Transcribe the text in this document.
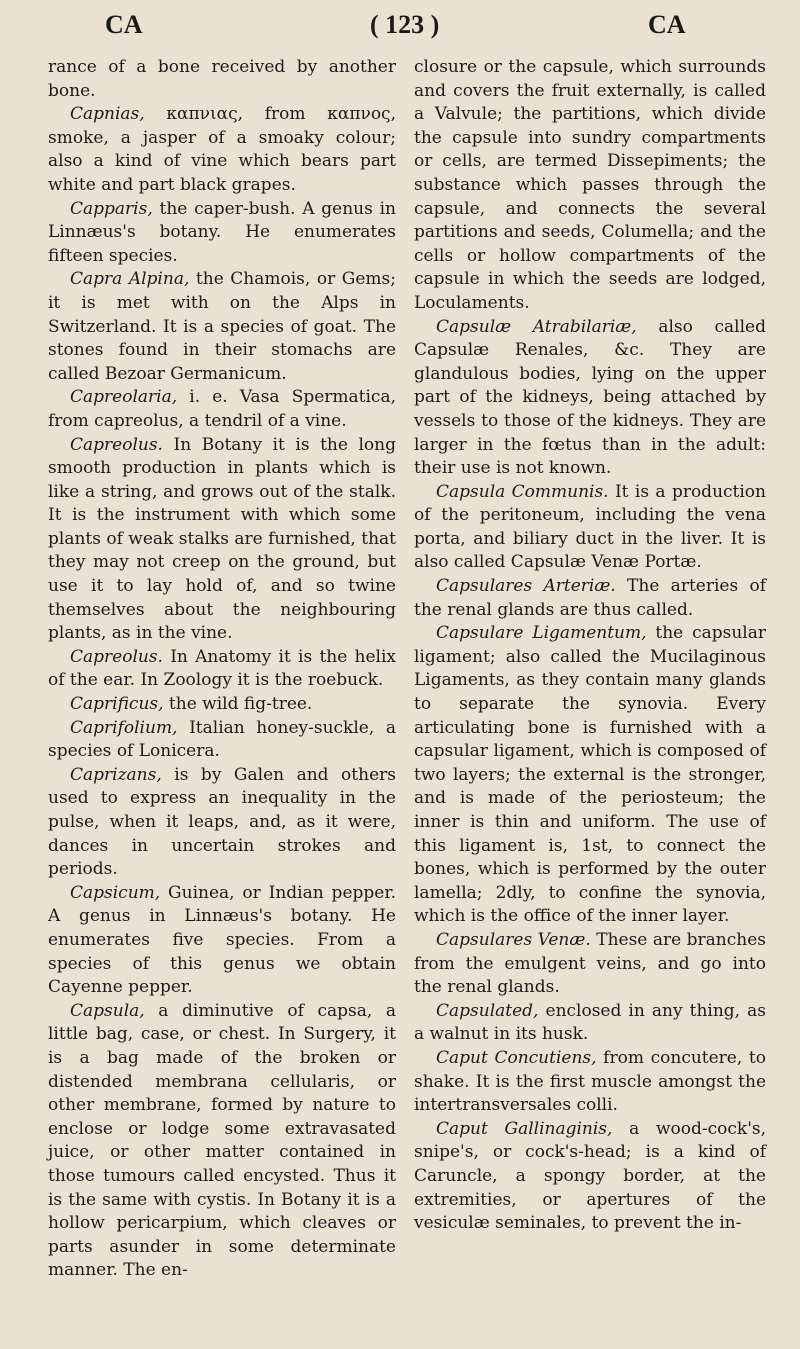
CA	( 123 )	CA

rance of a bone received by another bone.

Capnias, καπνιας, from καπνος, smoke, a jasper of a smoaky colour; also a kind of vine which bears part white and part black grapes.

Capparis, the caper-bush. A genus in Linnæus's botany. He enumerates fifteen species.

Capra Alpina, the Chamois, or Gems; it is met with on the Alps in Switzerland. It is a species of goat. The stones found in their stomachs are called Bezoar Germanicum.

Capreolaria, i. e. Vasa Spermatica, from capreolus, a tendril of a vine.

Capreolus. In Botany it is the long smooth production in plants which is like a string, and grows out of the stalk. It is the instrument with which some plants of weak stalks are furnished, that they may not creep on the ground, but use it to lay hold of, and so twine themselves about the neighbouring plants, as in the vine.

Capreolus. In Anatomy it is the helix of the ear. In Zoology it is the roebuck.

Caprificus, the wild fig-tree.

Caprifolium, Italian honey-suckle, a species of Lonicera.

Caprizans, is by Galen and others used to express an inequality in the pulse, when it leaps, and, as it were, dances in uncertain strokes and periods.

Capsicum, Guinea, or Indian pepper. A genus in Linnæus's botany. He enumerates five species. From a species of this genus we obtain Cayenne pepper.

Capsula, a diminutive of capsa, a little bag, case, or chest. In Surgery, it is a bag made of the broken or distended membrana cellularis, or other membrane, formed by nature to enclose or lodge some extravasated juice, or other matter contained in those tumours called encysted. Thus it is the same with cystis. In Botany it is a hollow pericarpium, which cleaves or parts asunder in some determinate manner. The en-

closure or the capsule, which surrounds and covers the fruit externally, is called a Valvule; the partitions, which divide the capsule into sundry compartments or cells, are termed Dissepiments; the substance which passes through the capsule, and connects the several partitions and seeds, Columella; and the cells or hollow compartments of the capsule in which the seeds are lodged, Loculaments.

Capsulæ Atrabilariæ, also called Capsulæ Renales, &c. They are glandulous bodies, lying on the upper part of the kidneys, being attached by vessels to those of the kidneys. They are larger in the fœtus than in the adult: their use is not known.

Capsula Communis. It is a production of the peritoneum, including the vena porta, and biliary duct in the liver. It is also called Capsulæ Venæ Portæ.

Capsulares Arteriæ. The arteries of the renal glands are thus called.

Capsulare Ligamentum, the capsular ligament; also called the Mucilaginous Ligaments, as they contain many glands to separate the synovia. Every articulating bone is furnished with a capsular ligament, which is composed of two layers; the external is the stronger, and is made of the periosteum; the inner is thin and uniform. The use of this ligament is, 1st, to connect the bones, which is performed by the outer lamella; 2dly, to confine the synovia, which is the office of the inner layer.

Capsulares Venæ. These are branches from the emulgent veins, and go into the renal glands.

Capsulated, enclosed in any thing, as a walnut in its husk.

Caput Concutiens, from concutere, to shake. It is the first muscle amongst the intertransversales colli.

Caput Gallinaginis, a wood-cock's, snipe's, or cock's-head; is a kind of Caruncle, a spongy border, at the extremities, or apertures of the vesiculæ seminales, to prevent the in-
